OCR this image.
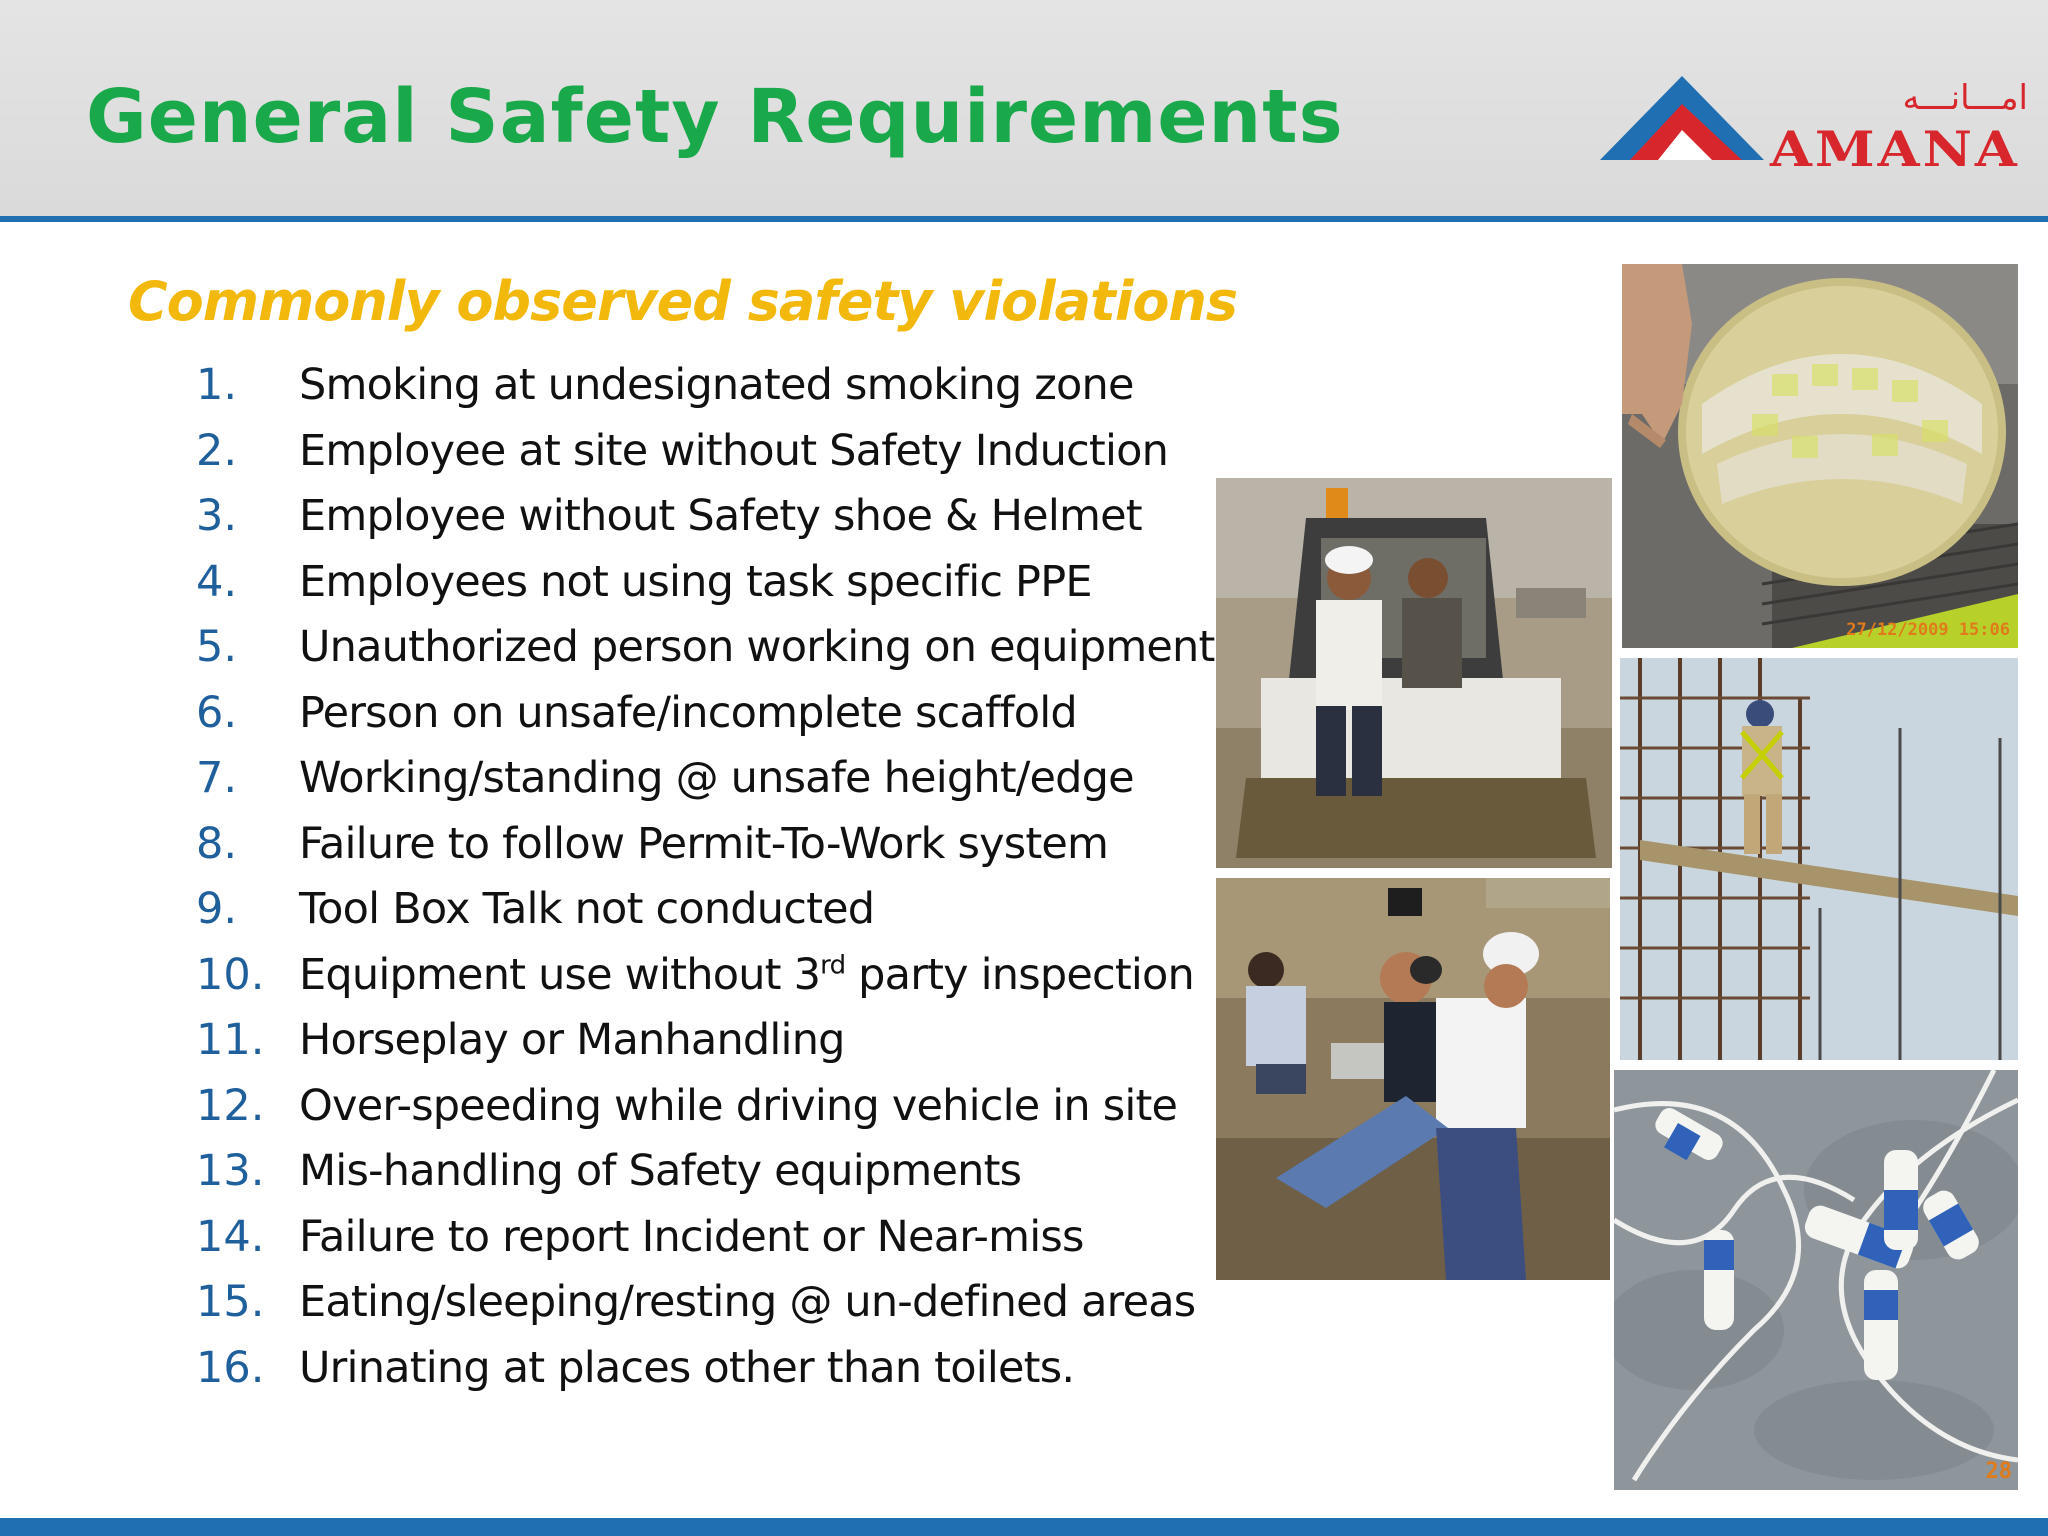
General Safety Requirements	امـــانـــه
AMANA
Commonly observed safety violations
1. Smoking at undesignated smoking zone
2. Employee at site without Safety Induction
3. Employee without Safety shoe & Helmet
4. Employees not using task specific PPE
5. Unauthorized person working on equipment
6. Person on unsafe/incomplete scaffold
7. Working/standing @ unsafe height/edge
8. Failure to follow Permit-To-Work system
9. Tool Box Talk not conducted
10. Equipment use without 3rd party inspection
11. Horseplay or Manhandling
12. Over-speeding while driving vehicle in site
13. Mis-handling of Safety equipments
14. Failure to report Incident or Near-miss
15. Eating/sleeping/resting @ un-defined areas
16. Urinating at places other than toilets.
27/12/2009 15:06
28
